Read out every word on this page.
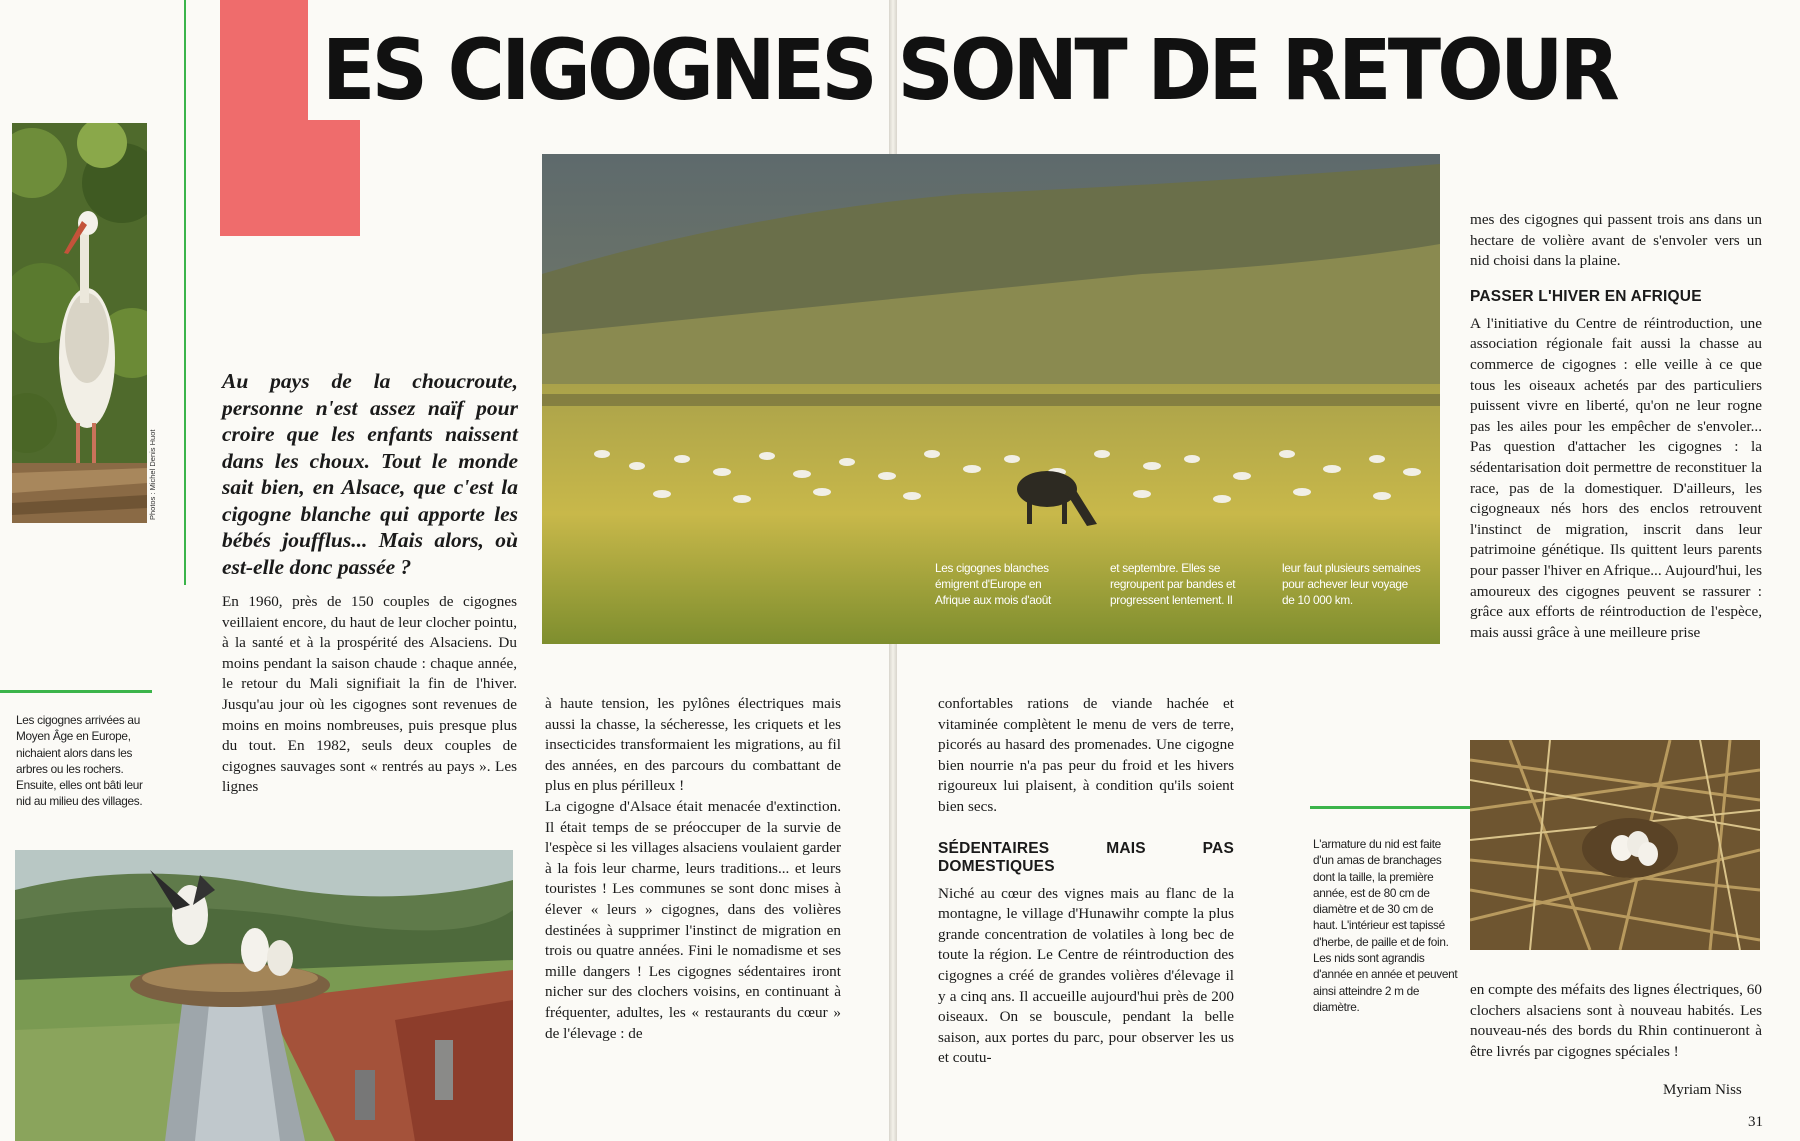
ES CIGOGNES SONT DE RETOUR
Photos : Michel Denis Huot
Les cigognes arrivées au Moyen Âge en Europe, nichaient alors dans les arbres ou les rochers. Ensuite, elles ont bâti leur nid au milieu des villages.
Au pays de la choucroute, personne n'est assez naïf pour croire que les enfants naissent dans les choux. Tout le monde sait bien, en Alsace, que c'est la cigogne blanche qui apporte les bébés joufflus... Mais alors, où est-elle donc passée ?

En 1960, près de 150 couples de cigognes veillaient encore, du haut de leur clocher pointu, à la santé et à la prospérité des Alsaciens. Du moins pendant la saison chaude : chaque année, le retour du Mali signifiait la fin de l'hiver. Jusqu'au jour où les cigognes sont revenues de moins en moins nombreuses, puis presque plus du tout. En 1982, seuls deux couples de cigognes sauvages sont « rentrés au pays ». Les lignes

à haute tension, les pylônes électriques mais aussi la chasse, la sécheresse, les criquets et les insecticides transformaient les migrations, au fil des années, en des parcours du combattant de plus en plus périlleux !

La cigogne d'Alsace était menacée d'extinction. Il était temps de se préoccuper de la survie de l'espèce si les villages alsaciens voulaient garder à la fois leur charme, leurs traditions... et leurs touristes ! Les communes se sont donc mises à élever « leurs » cigognes, dans des volières destinées à supprimer l'instinct de migration en trois ou quatre années. Fini le nomadisme et ses mille dangers ! Les cigognes sédentaires iront nicher sur des clochers voisins, en continuant à fréquenter, adultes, les « restaurants du cœur » de l'élevage : de

Les cigognes blanches émigrent d'Europe en Afrique aux mois d'août
et septembre. Elles se regroupent par bandes et progressent lentement. Il
leur faut plusieurs semaines pour achever leur voyage de 10 000 km.

confortables rations de viande hachée et vitaminée complètent le menu de vers de terre, picorés au hasard des promenades. Une cigogne bien nourrie n'a pas peur du froid et les hivers rigoureux lui plaisent, à condition qu'ils soient bien secs.

SÉDENTAIRES MAIS PAS DOMESTIQUES

Niché au cœur des vignes mais au flanc de la montagne, le village d'Hunawihr compte la plus grande concentration de volatiles à long bec de toute la région. Le Centre de réintroduction des cigognes a créé de grandes volières d'élevage il y a cinq ans. Il accueille aujourd'hui près de 200 oiseaux. On se bouscule, pendant la belle saison, aux portes du parc, pour observer les us et coutu-

mes des cigognes qui passent trois ans dans un hectare de volière avant de s'envoler vers un nid choisi dans la plaine.

PASSER L'HIVER EN AFRIQUE

A l'initiative du Centre de réintroduction, une association régionale fait aussi la chasse au commerce de cigognes : elle veille à ce que tous les oiseaux achetés par des particuliers puissent vivre en liberté, qu'on ne leur rogne pas les ailes pour les empêcher de s'envoler... Pas question d'attacher les cigognes : la sédentarisation doit permettre de reconstituer la race, pas de la domestiquer. D'ailleurs, les cigogneaux nés hors des enclos retrouvent l'instinct de migration, inscrit dans leur patrimoine génétique. Ils quittent leurs parents pour passer l'hiver en Afrique... Aujourd'hui, les amoureux des cigognes peuvent se rassurer : grâce aux efforts de réintroduction de l'espèce, mais aussi grâce à une meilleure prise

L'armature du nid est faite d'un amas de branchages dont la taille, la première année, est de 80 cm de diamètre et de 30 cm de haut. L'intérieur est tapissé d'herbe, de paille et de foin. Les nids sont agrandis d'année en année et peuvent ainsi atteindre 2 m de diamètre.

en compte des méfaits des lignes électriques, 60 clochers alsaciens sont à nouveau habités. Les nouveau-nés des bords du Rhin continueront à être livrés par cigognes spéciales !

Myriam Niss
31
